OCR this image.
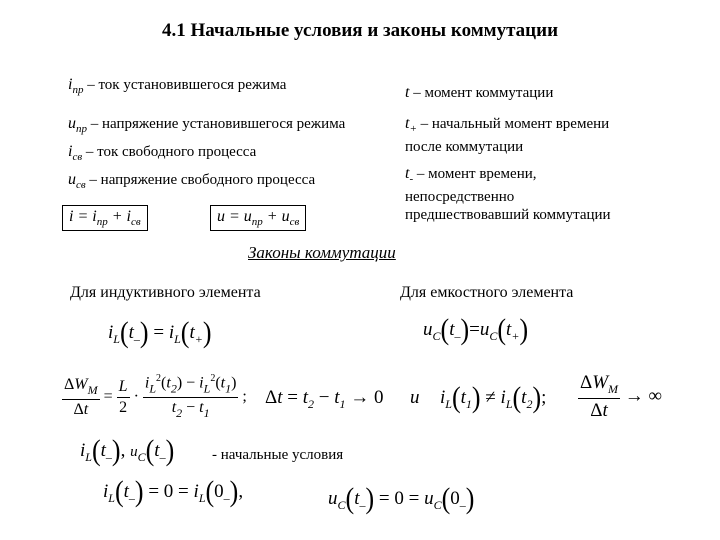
4.1 Начальные условия и законы коммутации
$i_{пр}$ – ток установившегося режима
$u_{пр}$ – напряжение установившегося режима
$i_{св}$ – ток свободного процесса
$u_{св}$ – напряжение свободного процесса
t – момент коммутации
$t_+$ – начальный момент времени
после коммутации
$t_-$ – момент времени,
непосредственно
предшествовавший коммутации
$i = i_{пр} + i_{св}$	$u = u_{пр} + u_{св}$
Законы коммутации
Для индуктивного элемента	Для емкостного элемента
$i_L(t_-) = i_L(t_+)$	$u_C(t_-)=u_C(t_+)$
$\frac{\Delta W_M}{\Delta t} = \frac{L}{2} \cdot \frac{i_L^2(t_2) - i_L^2(t_1)}{t_2 - t_1}$ ; $\Delta t = t_2 - t_1 \to 0$ и $i_L(t_1) \ne i_L(t_2)$; $\frac{\Delta W_M}{\Delta t}$ → ∞
$i_L(t_-)$, $u_C(t_-)$	- начальные условия
$i_L(t_-) = 0 = i_L(0_-)$,	$u_C(t_-) = 0 = u_C(0_-)$
